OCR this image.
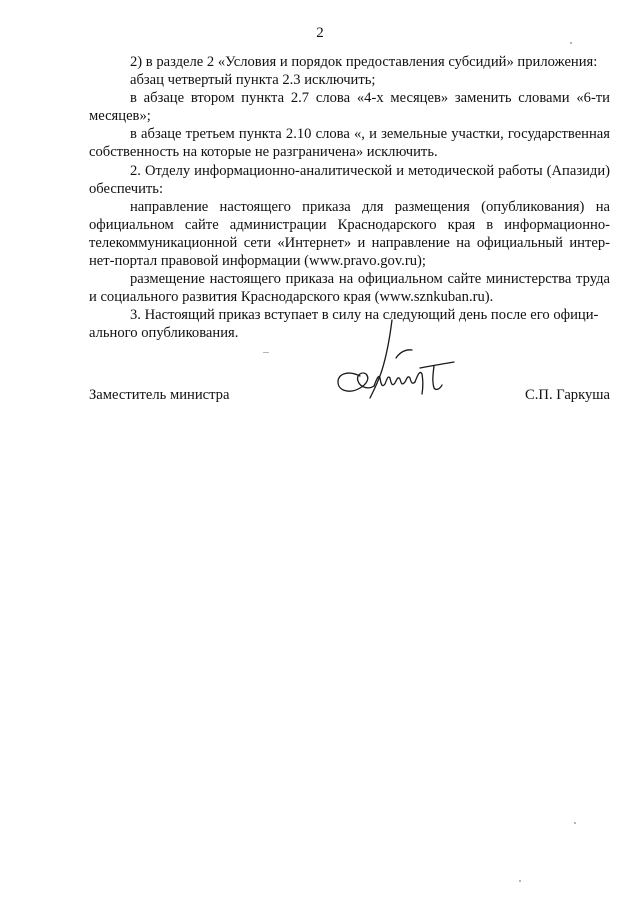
2

2) в разделе 2 «Условия и порядок предоставления субсидий» приложения:

абзац четвертый пункта 2.3 исключить;

в абзаце втором пункта 2.7 слова «4-х месяцев» заменить словами «6-ти месяцев»;

в абзаце третьем пункта 2.10 слова «, и земельные участки, государственная собственность на которые не разграничена» исключить.

2. Отделу информационно-аналитической и методической работы (Апазиди) обеспечить:

направление настоящего приказа для размещения (опубликования) на официальном сайте администрации Краснодарского края в информационно-телекоммуникационной сети «Интернет» и направление на официальный интернет-портал правовой информации (www.pravo.gov.ru);

размещение настоящего приказа на официальном сайте министерства труда и социального развития Краснодарского края (www.sznkuban.ru).

3. Настоящий приказ вступает в силу на следующий день после его официального опубликования.

Заместитель министра	С.П. Гаркуша
